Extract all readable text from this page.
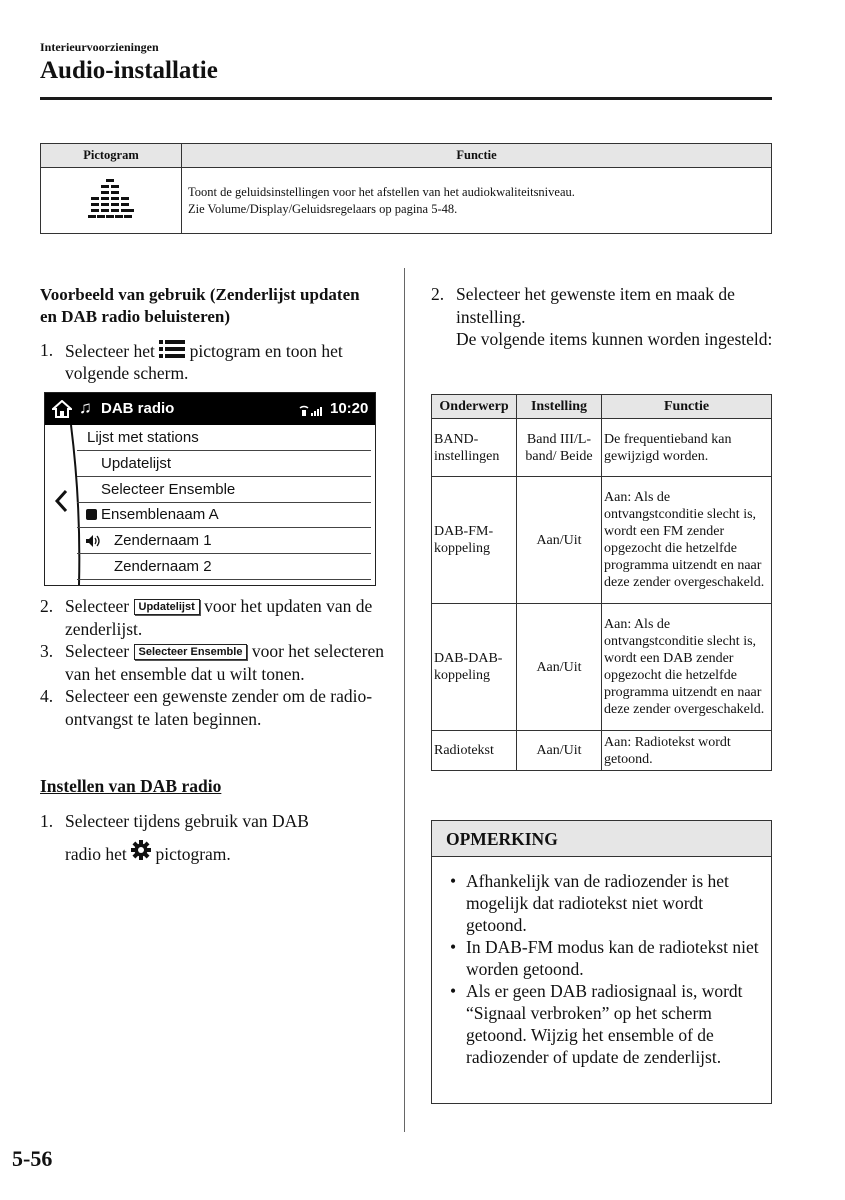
Interieurvoorzieningen
Audio-installatie
Pictogram	Functie

Toont de geluidsinstellingen voor het afstellen van het audiokwaliteitsniveau.
Zie Volume/Display/Geluidsregelaars op pagina 5-48.
Voorbeeld van gebruik (Zenderlijst updaten en DAB radio beluisteren)
1. Selecteer het pictogram en toon het volgende scherm.
♫ DAB radio	10:20
Lijst met stations
Updatelijst
Selecteer Ensemble
Ensemblenaam A
Zendernaam 1
Zendernaam 2
2. Selecteer Updatelijst voor het updaten van de zenderlijst.
3. Selecteer Selecteer Ensemble voor het selecteren van het ensemble dat u wilt tonen.
4. Selecteer een gewenste zender om de radio-ontvangst te laten beginnen.
Instellen van DAB radio
1. Selecteer tijdens gebruik van DAB
radio het pictogram.
2. Selecteer het gewenste item en maak de instelling.
De volgende items kunnen worden ingesteld:
Onderwerp	Instelling	Functie
BAND-instellingen	Band III/L-band/ Beide	De frequentieband kan gewijzigd worden.
DAB-FM-koppeling	Aan/Uit	Aan: Als de ontvangstconditie slecht is, wordt een FM zender opgezocht die hetzelfde programma uitzendt en naar deze zender overgeschakeld.
DAB-DAB-koppeling	Aan/Uit	Aan: Als de ontvangstconditie slecht is, wordt een DAB zender opgezocht die hetzelfde programma uitzendt en naar deze zender overgeschakeld.
Radiotekst	Aan/Uit	Aan: Radiotekst wordt getoond.
OPMERKING
• Afhankelijk van de radiozender is het mogelijk dat radiotekst niet wordt getoond.
• In DAB-FM modus kan de radiotekst niet worden getoond.
• Als er geen DAB radiosignaal is, wordt “Signaal verbroken” op het scherm getoond. Wijzig het ensemble of de radiozender of update de zenderlijst.
5-56
